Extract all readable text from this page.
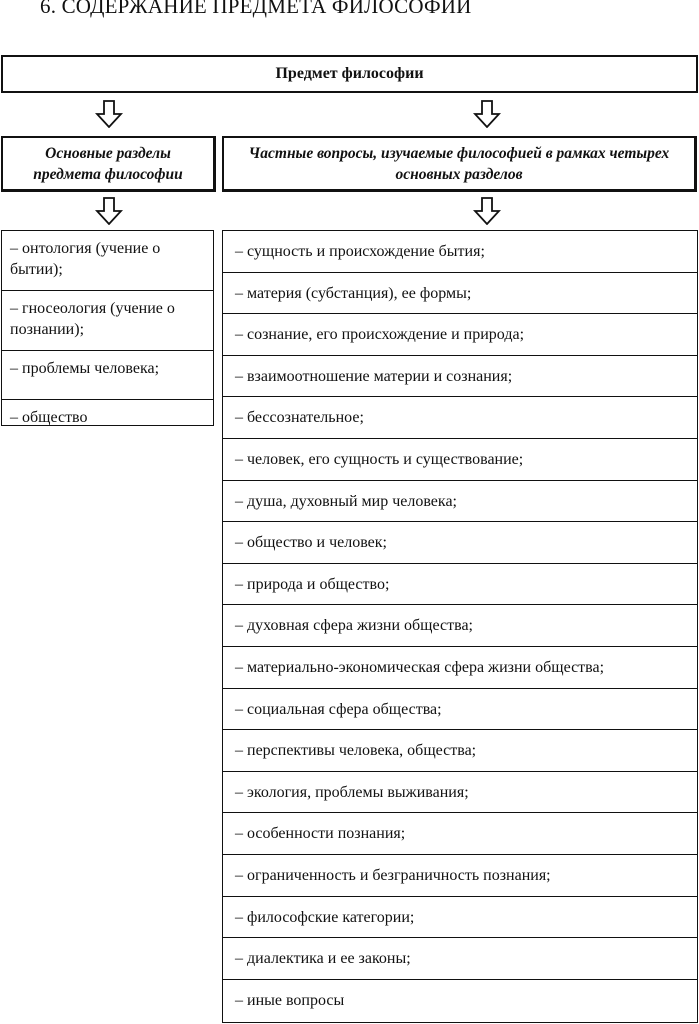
6. СОДЕРЖАНИЕ ПРЕДМЕТА ФИЛОСОФИИ
Предмет философии
Основные разделы предмета философии
Частные вопросы, изучаемые философией в рамках четырех основных разделов
– онтология (учение о бытии);
– гносеология (учение о познании);
– проблемы человека;
– общество
– сущность и происхождение бытия;
– материя (субстанция), ее формы;
– сознание, его происхождение и природа;
– взаимоотношение материи и сознания;
– бессознательное;
– человек, его сущность и существование;
– душа, духовный мир человека;
– общество и человек;
– природа и общество;
– духовная сфера жизни общества;
– материально-экономическая сфера жизни общества;
– социальная сфера общества;
– перспективы человека, общества;
– экология, проблемы выживания;
– особенности познания;
– ограниченность и безграничность познания;
– философские категории;
– диалектика и ее законы;
– иные вопросы
